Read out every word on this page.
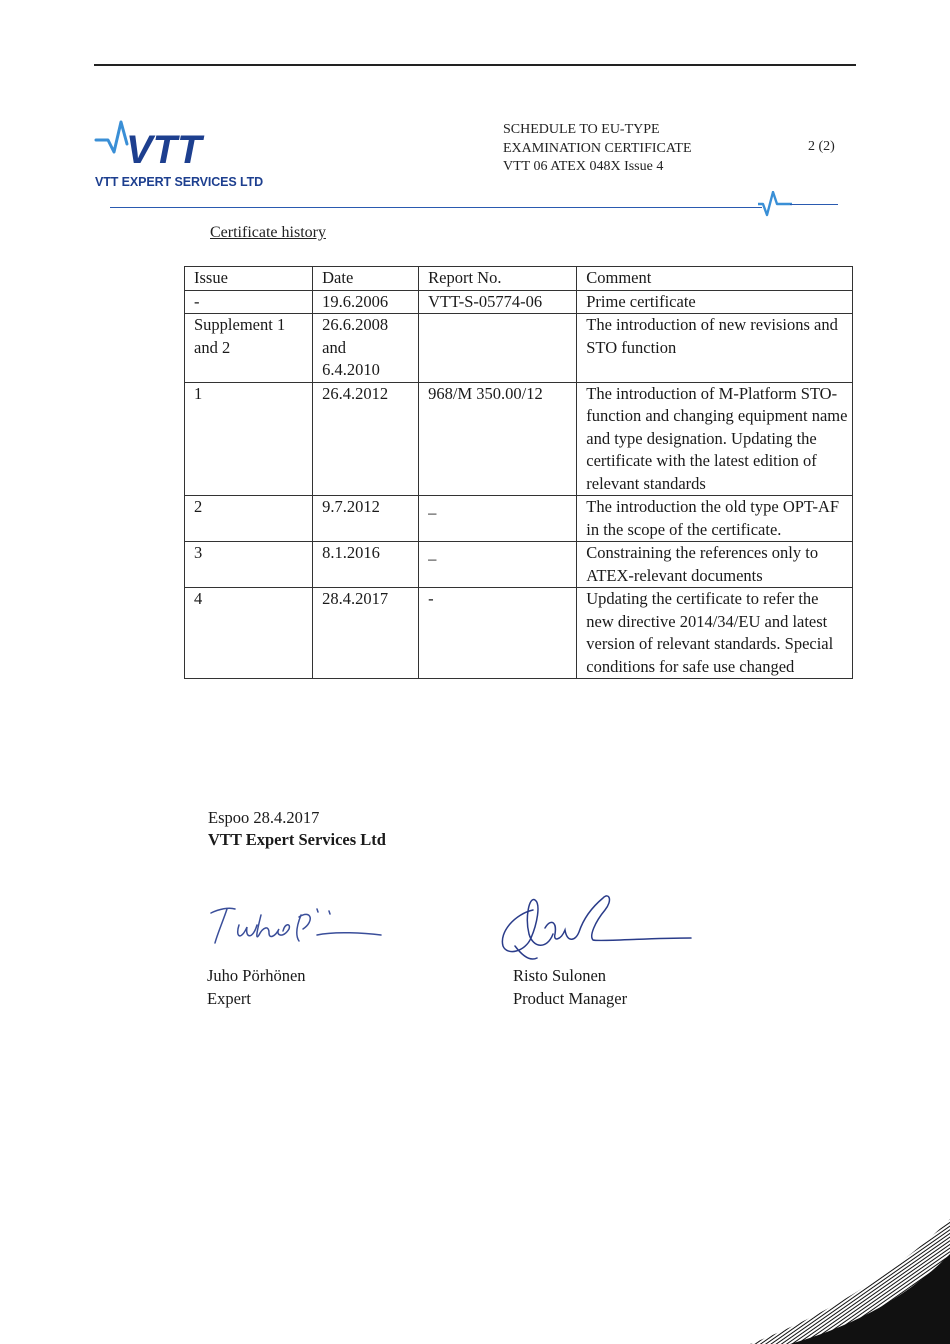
VTT
VTT EXPERT SERVICES LTD
SCHEDULE TO EU-TYPE
EXAMINATION CERTIFICATE
VTT 06 ATEX 048X Issue 4
2 (2)
Certificate history
Issue	Date	Report No.	Comment
-	19.6.2006	VTT-S-05774-06	Prime certificate
Supplement 1 and 2	26.6.2008 and 6.4.2010		The introduction of new revisions and STO function
1	26.4.2012	968/M 350.00/12	The introduction of M-Platform STO-function and changing equipment name and type designation. Updating the certificate with the latest edition of relevant standards
2	9.7.2012	–	The introduction the old type OPT-AF in the scope of the certificate.
3	8.1.2016	–	Constraining the references only to ATEX-relevant documents
4	28.4.2017	-	Updating the certificate to refer the new directive 2014/34/EU and latest version of relevant standards. Special conditions for safe use changed
Espoo 28.4.2017
VTT Expert Services Ltd
Juho Pörhönen
Expert
Risto Sulonen
Product Manager
